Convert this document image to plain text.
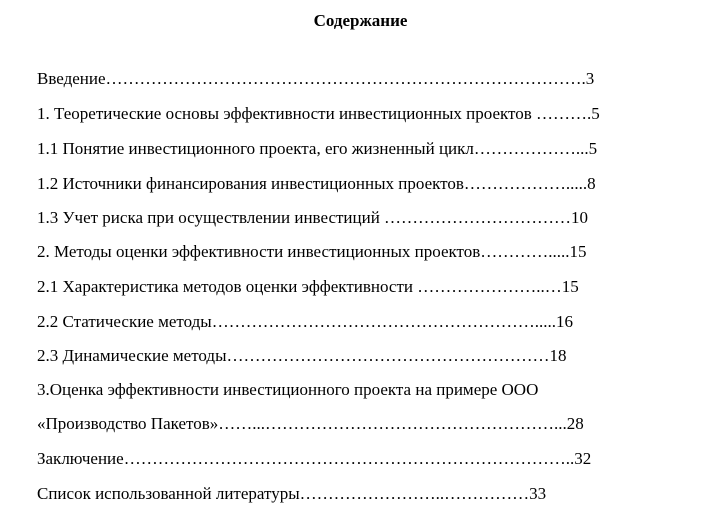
Содержание

Введение………………………………………………………………………….3

1. Теоретические основы эффективности инвестиционных проектов ……….5

1.1 Понятие инвестиционного проекта, его жизненный цикл………………...5

1.2 Источники финансирования инвестиционных проектов……………….....8

1.3 Учет риска при осуществлении инвестиций ……………………………10

2. Методы оценки эффективности инвестиционных проектов………….....15

2.1 Характеристика методов оценки эффективности …………………..…15

2.2 Статические методы………………………………………………….....16

2.3 Динамические методы…………………………………………………18

3.Оценка эффективности инвестиционного проекта на примере ООО

«Производство Пакетов»……...……………………………………………...28

Заключение……………………………………………………………………..32

Список использованной литературы……………………..……………33
